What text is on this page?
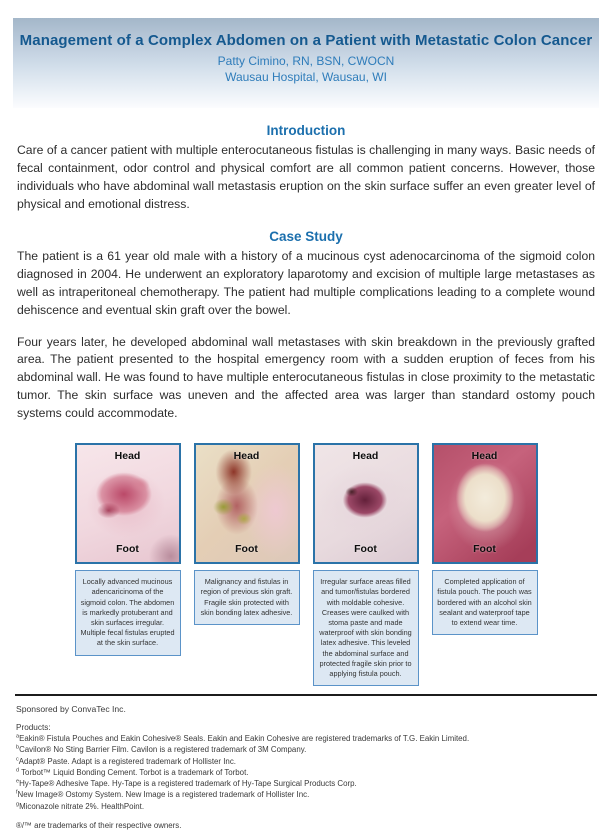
Management of a Complex Abdomen on a Patient with Metastatic Colon Cancer

Patty Cimino, RN, BSN, CWOCN

Wausau Hospital, Wausau, WI

Introduction

Care of a cancer patient with multiple enterocutaneous fistulas is challenging in many ways. Basic needs of fecal containment, odor control and physical comfort are all common patient concerns. However, those individuals who have abdominal wall metastasis eruption on the skin surface suffer an even greater level of physical and emotional distress.

Case Study

The patient is a 61 year old male with a history of a mucinous cyst adenocarcinoma of the sigmoid colon diagnosed in 2004. He underwent an exploratory laparotomy and excision of multiple large metastases as well as intraperitoneal chemotherapy. The patient had multiple complications leading to a complete wound dehiscence and eventual skin graft over the bowel.

Four years later, he developed abdominal wall metastases with skin breakdown in the previously grafted area. The patient presented to the hospital emergency room with a sudden eruption of feces from his abdominal wall. He was found to have multiple enterocutaneous fistulas in close proximity to the metastatic tumor. The skin surface was uneven and the affected area was larger than standard ostomy pouch systems could accommodate.

Head
Foot
Locally advanced mucinous adencaricinoma of the sigmoid colon. The abdomen is markedly protuberant and skin surfaces irregular. Multiple fecal fistulas erupted at the skin surface.
Head
Foot
Malignancy and fistulas in region of previous skin graft. Fragile skin protected with skin bonding latex adhesive.
Head
Foot
Irregular surface areas filled and tumor/fistulas bordered with moldable cohesive. Creases were caulked with stoma paste and made waterproof with skin bonding latex adhesive. This leveled the abdominal surface and protected fragile skin prior to applying fistula pouch.
Head
Foot
Completed application of fistula pouch. The pouch was bordered with an alcohol skin sealant and waterproof tape to extend wear time.

Sponsored by ConvaTec Inc.

Products:

$^a$Eakin® Fistula Pouches and Eakin Cohesive® Seals. Eakin and Eakin Cohesive are registered trademarks of T.G. Eakin Limited.

$^b$Cavilon® No Sting Barrier Film. Cavilon is a registered trademark of 3M Company.

$^c$Adapt® Paste. Adapt is a registered trademark of Hollister Inc.

$^d$ Torbot™ Liquid Bonding Cement. Torbot is a trademark of Torbot.

$^e$Hy-Tape® Adhesive Tape. Hy-Tape is a registered trademark of Hy-Tape Surgical Products Corp.

$^f$New Image® Ostomy System. New Image is a registered trademark of Hollister Inc.

$^g$Miconazole nitrate 2%. HealthPoint.

®/™ are trademarks of their respective owners.
